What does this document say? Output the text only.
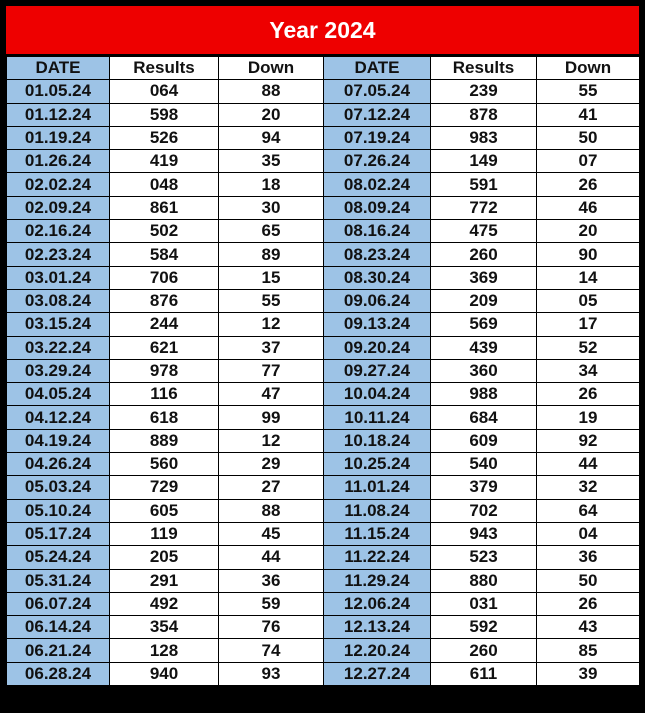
Year 2024
DATE	Results	Down	DATE	Results	Down
01.05.24	064	88	07.05.24	239	55
01.12.24	598	20	07.12.24	878	41
01.19.24	526	94	07.19.24	983	50
01.26.24	419	35	07.26.24	149	07
02.02.24	048	18	08.02.24	591	26
02.09.24	861	30	08.09.24	772	46
02.16.24	502	65	08.16.24	475	20
02.23.24	584	89	08.23.24	260	90
03.01.24	706	15	08.30.24	369	14
03.08.24	876	55	09.06.24	209	05
03.15.24	244	12	09.13.24	569	17
03.22.24	621	37	09.20.24	439	52
03.29.24	978	77	09.27.24	360	34
04.05.24	116	47	10.04.24	988	26
04.12.24	618	99	10.11.24	684	19
04.19.24	889	12	10.18.24	609	92
04.26.24	560	29	10.25.24	540	44
05.03.24	729	27	11.01.24	379	32
05.10.24	605	88	11.08.24	702	64
05.17.24	119	45	11.15.24	943	04
05.24.24	205	44	11.22.24	523	36
05.31.24	291	36	11.29.24	880	50
06.07.24	492	59	12.06.24	031	26
06.14.24	354	76	12.13.24	592	43
06.21.24	128	74	12.20.24	260	85
06.28.24	940	93	12.27.24	611	39
